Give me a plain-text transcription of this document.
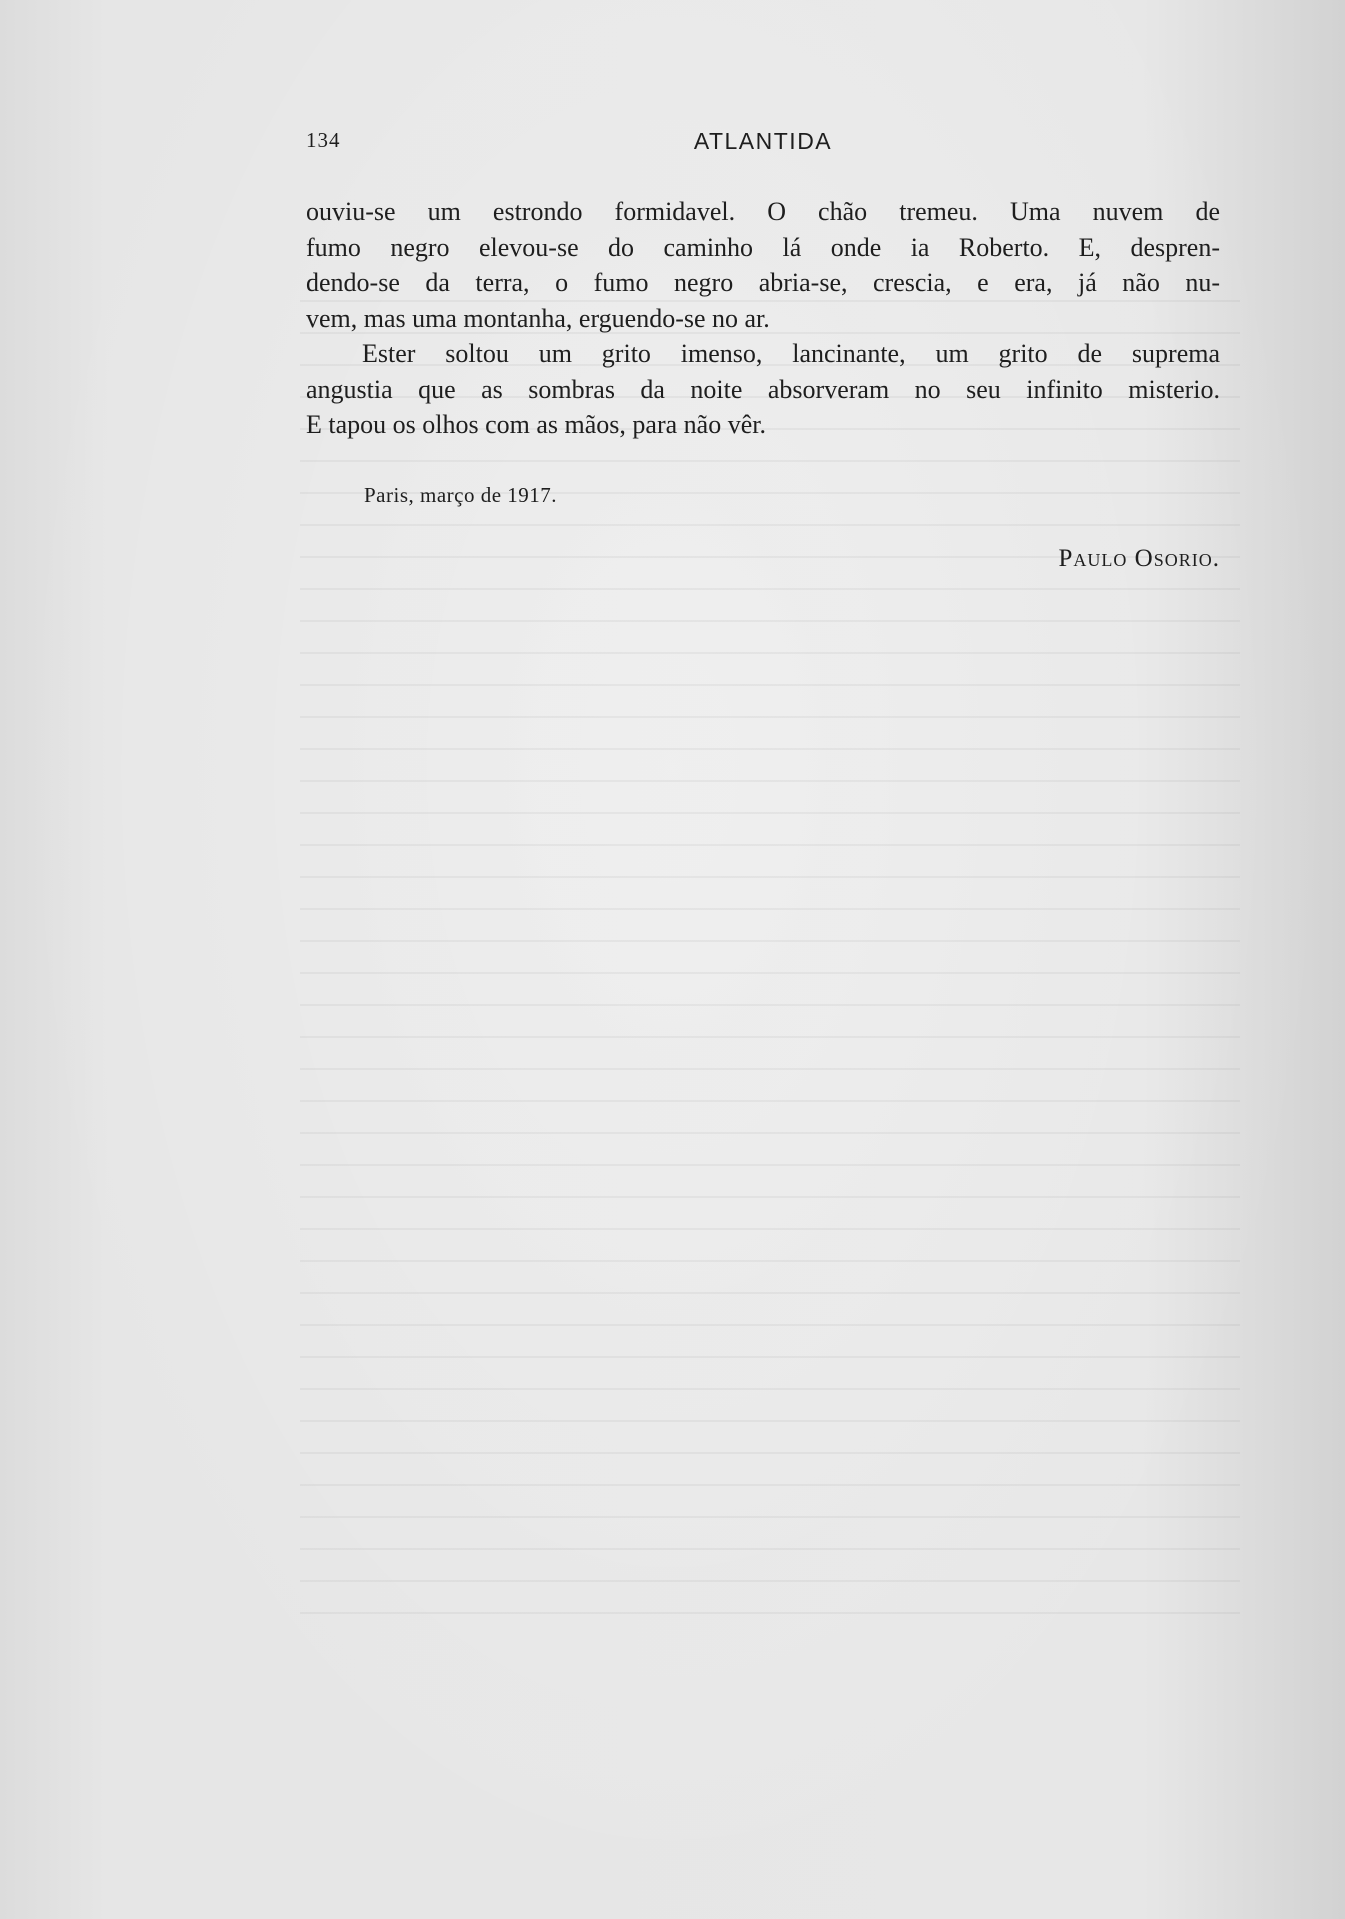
134	ATLANTIDA

ouviu-se um estrondo formidavel. O chão tremeu. Uma nuvem de

fumo negro elevou-se do caminho lá onde ia Roberto. E, despren-

dendo-se da terra, o fumo negro abria-se, crescia, e era, já não nu-

vem, mas uma montanha, erguendo-se no ar.

Ester soltou um grito imenso, lancinante, um grito de suprema

angustia que as sombras da noite absorveram no seu infinito misterio.

E tapou os olhos com as mãos, para não vêr.

Paris, março de 1917.
Paulo Osorio.
